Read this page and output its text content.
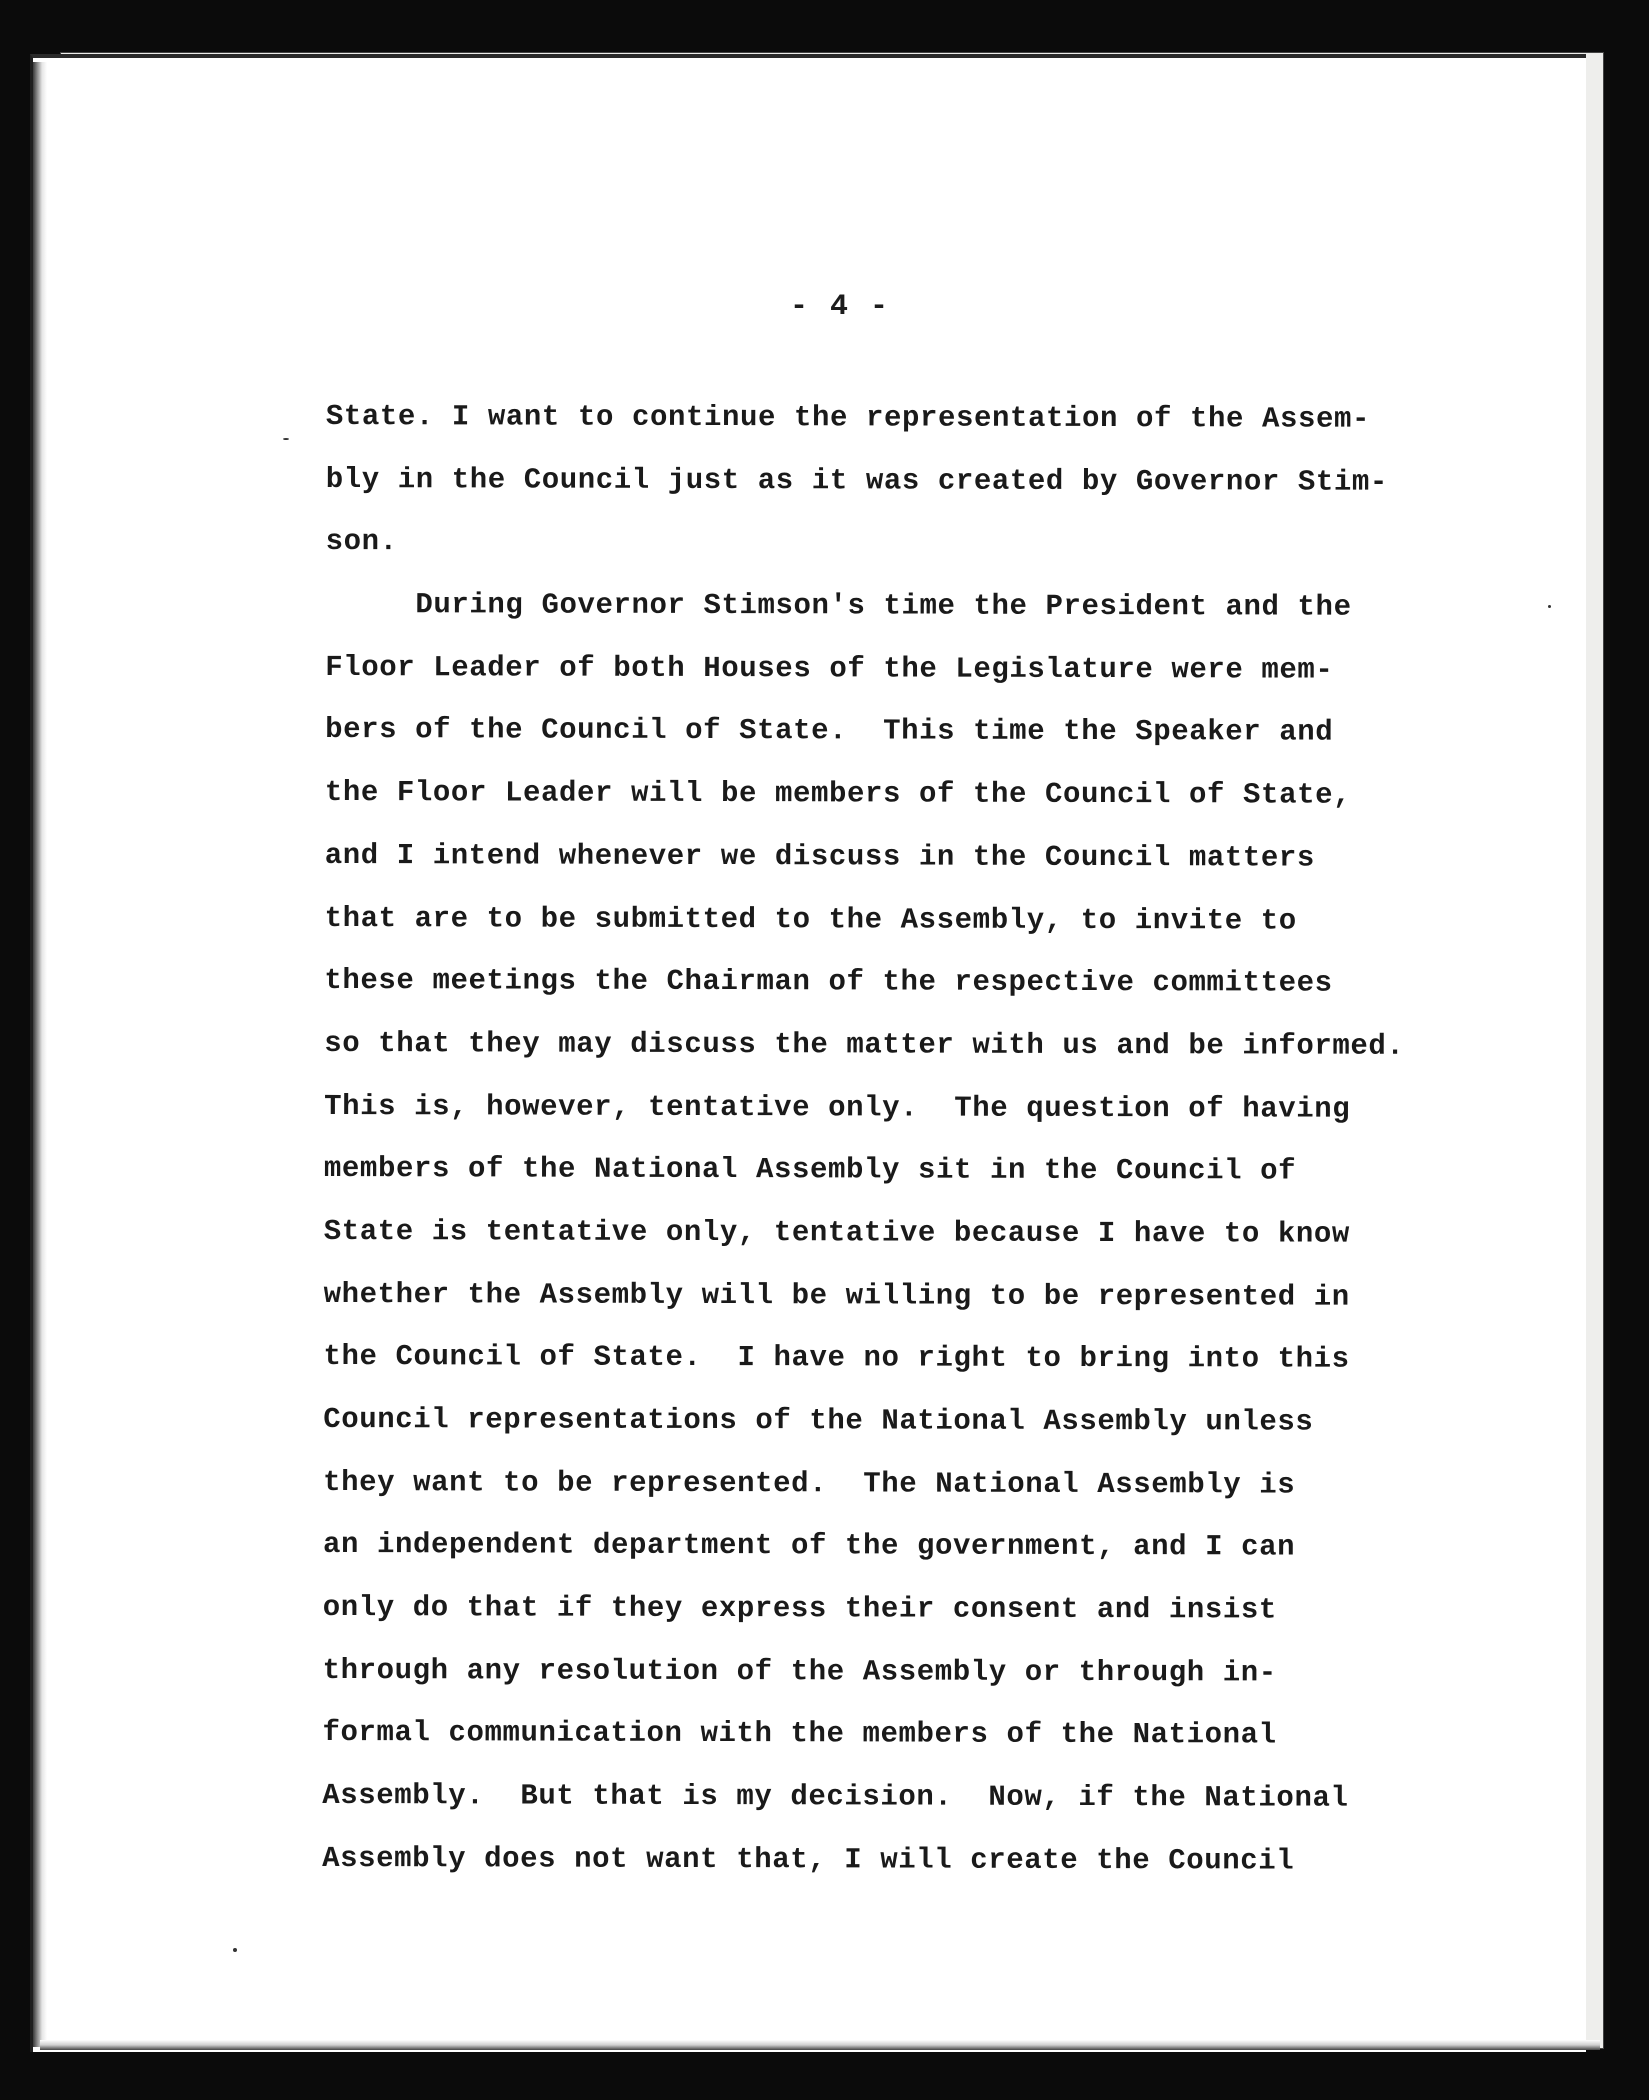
- 4 -
State. I want to continue the representation of the Assem-
bly in the Council just as it was created by Governor Stim-
son.
During Governor Stimson's time the President and the
Floor Leader of both Houses of the Legislature were mem-
bers of the Council of State.  This time the Speaker and
the Floor Leader will be members of the Council of State,
and I intend whenever we discuss in the Council matters
that are to be submitted to the Assembly, to invite to
these meetings the Chairman of the respective committees
so that they may discuss the matter with us and be informed.
This is, however, tentative only.  The question of having
members of the National Assembly sit in the Council of
State is tentative only, tentative because I have to know
whether the Assembly will be willing to be represented in
the Council of State.  I have no right to bring into this
Council representations of the National Assembly unless
they want to be represented.  The National Assembly is
an independent department of the government, and I can
only do that if they express their consent and insist
through any resolution of the Assembly or through in-
formal communication with the members of the National
Assembly.  But that is my decision.  Now, if the National
Assembly does not want that, I will create the Council
